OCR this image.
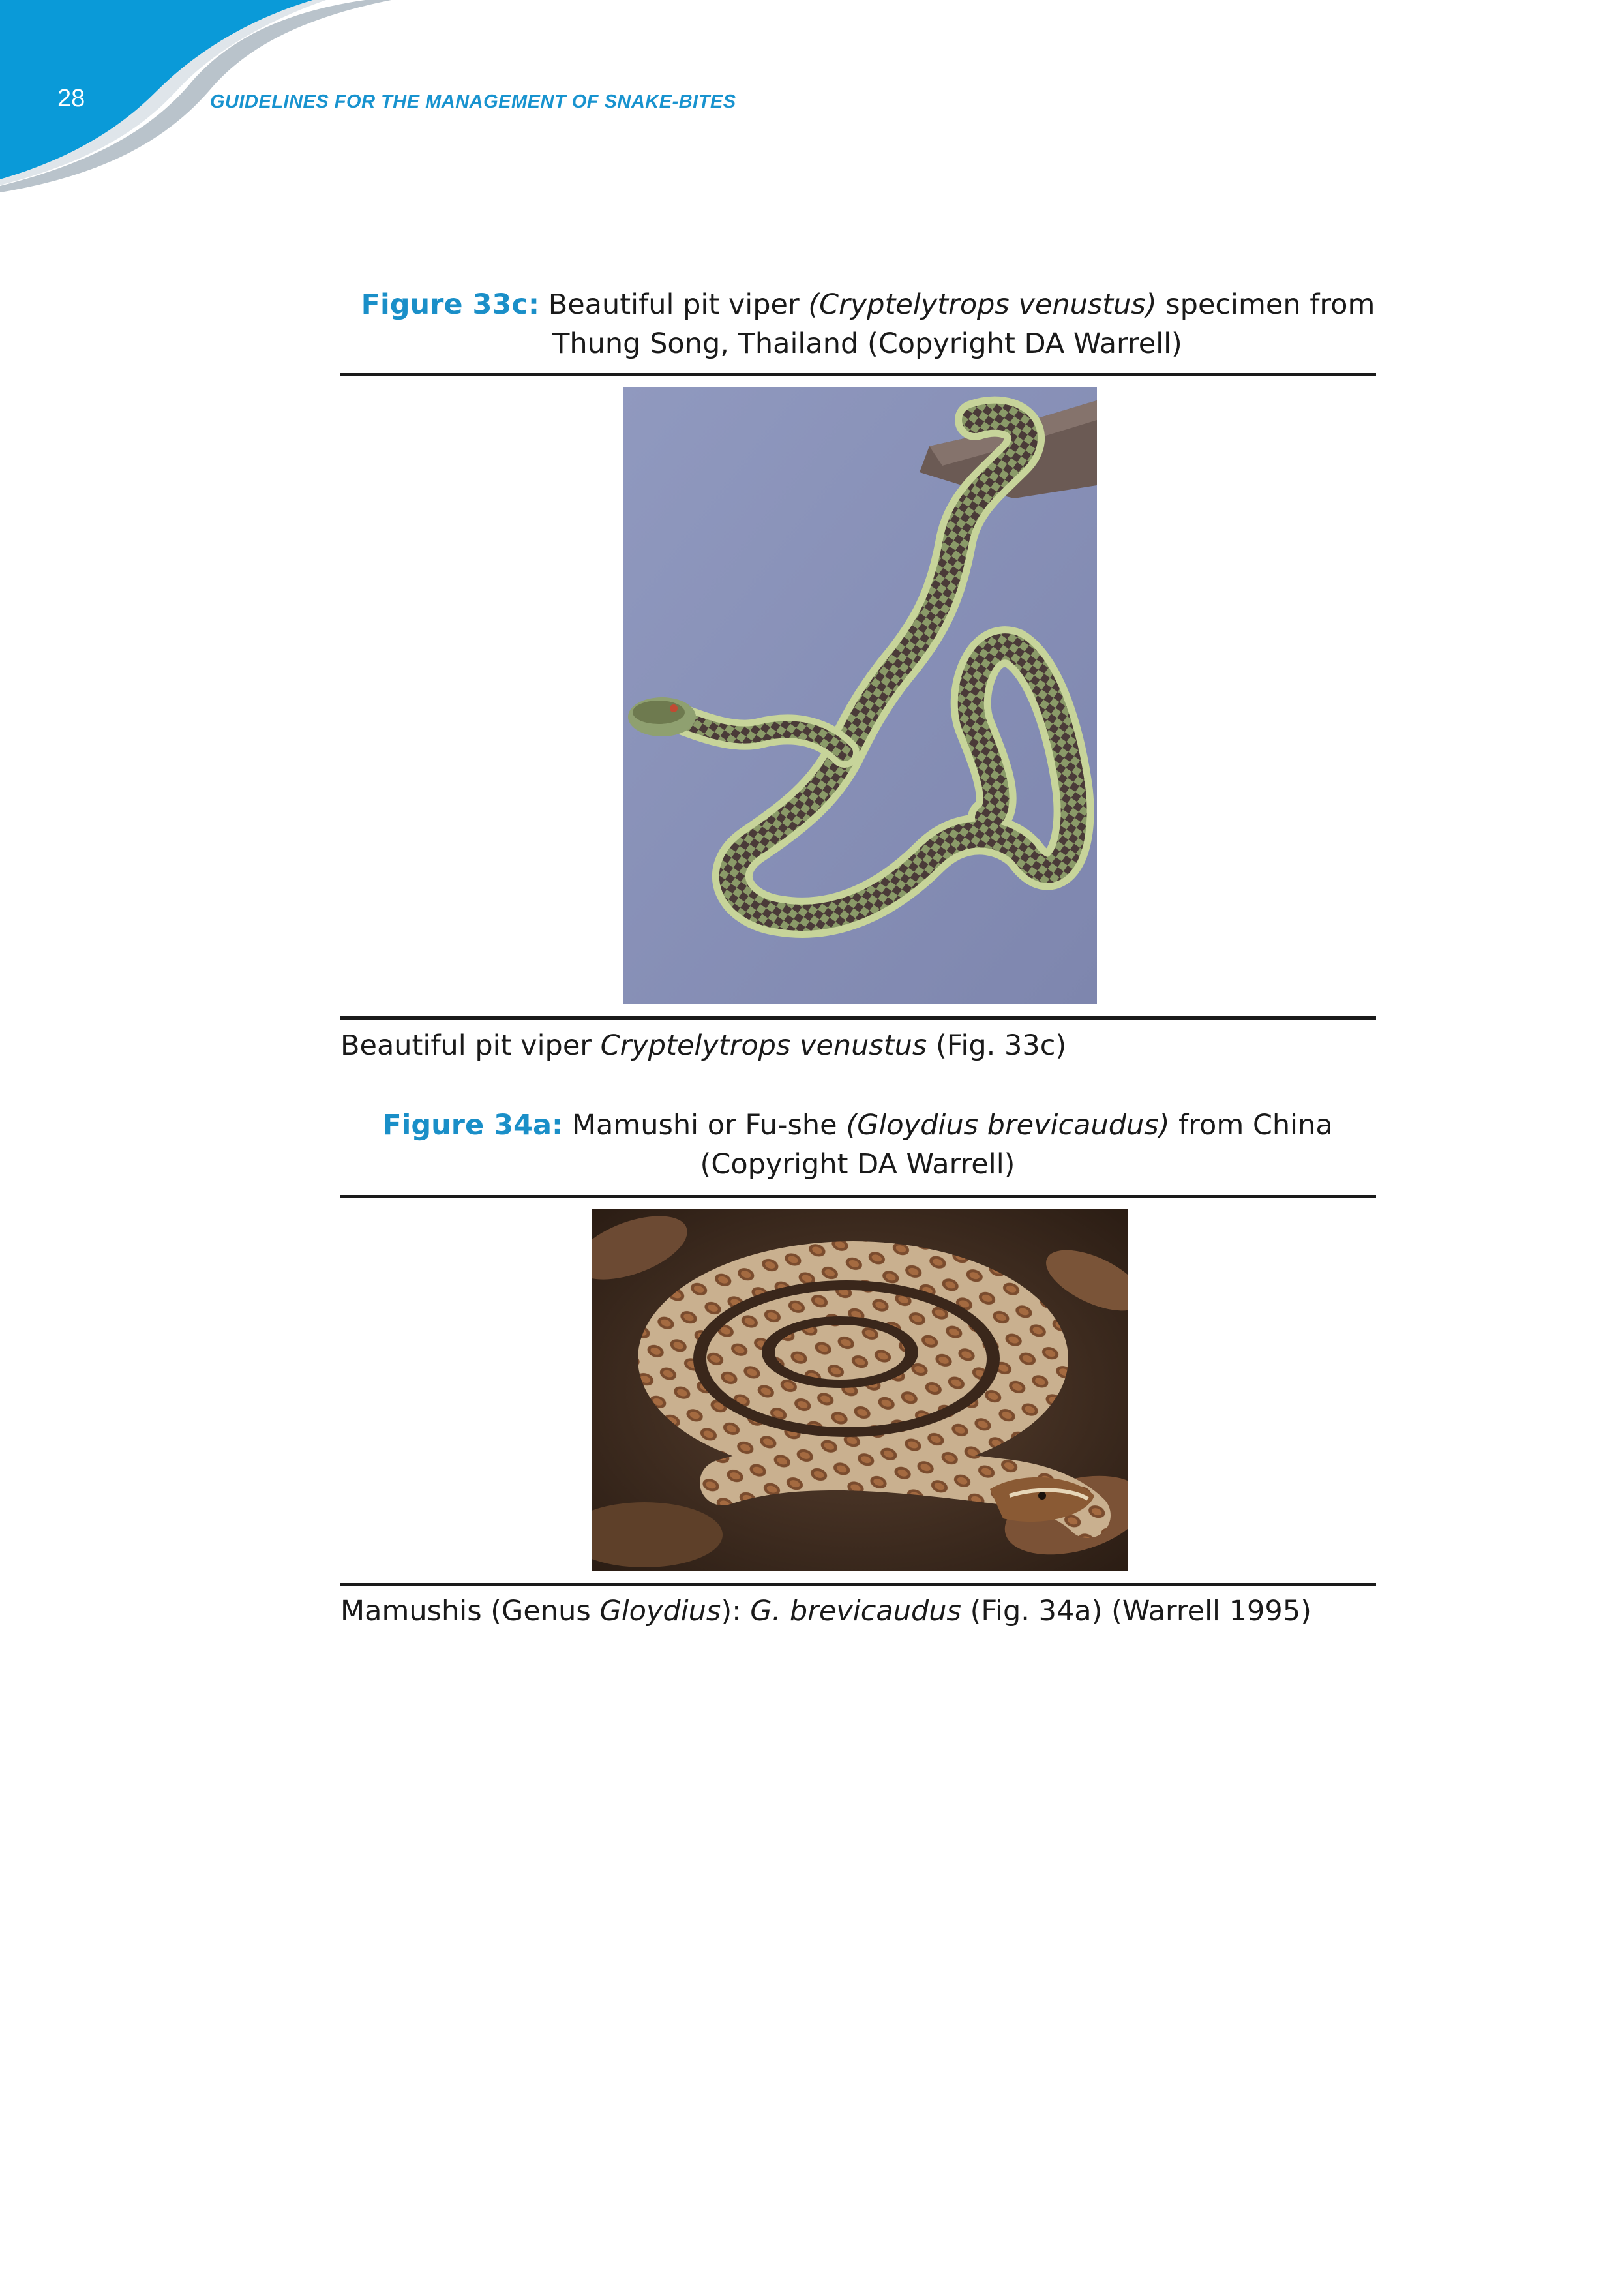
28	GUIDELINES FOR THE MANAGEMENT OF SNAKE-BITES
Figure 33c: Beautiful pit viper (Cryptelytrops venustus) specimen from
Thung Song, Thailand (Copyright DA Warrell)
Beautiful pit viper Cryptelytrops venustus (Fig. 33c)
Figure 34a: Mamushi or Fu-she (Gloydius brevicaudus) from China
(Copyright DA Warrell)
Mamushis (Genus Gloydius): G. brevicaudus (Fig. 34a) (Warrell 1995)
